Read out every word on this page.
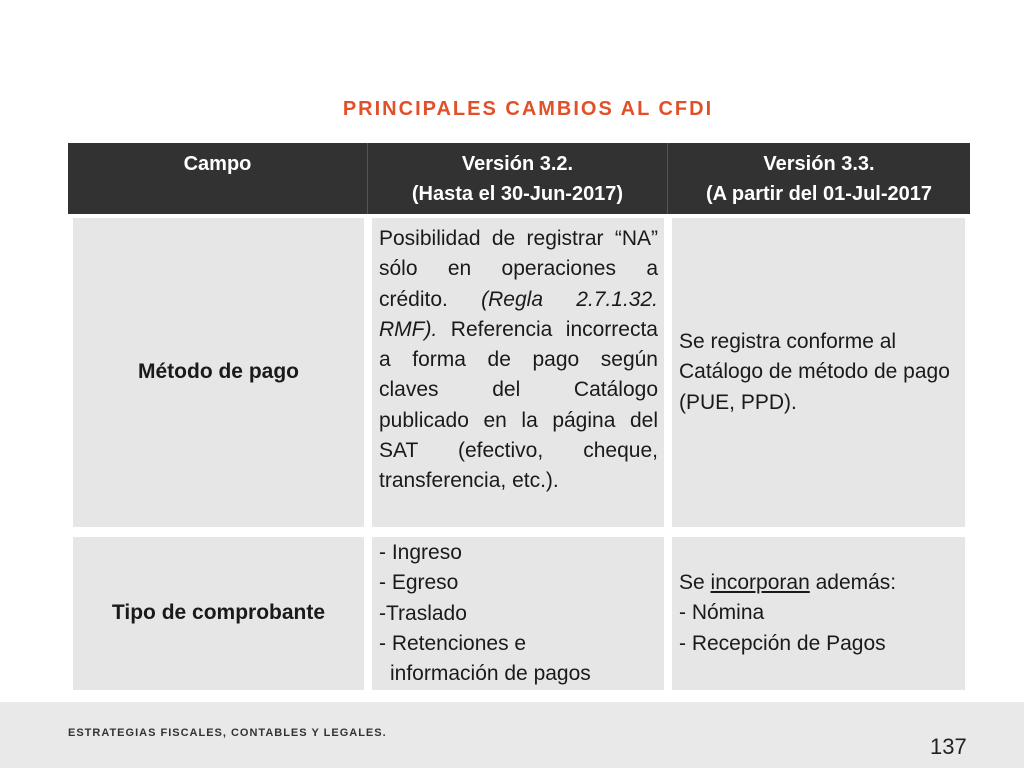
PRINCIPALES CAMBIOS AL CFDI
Campo	Versión 3.2.
(Hasta el 30-Jun-2017)
Versión 3.3.
(A partir del 01-Jul-2017
Método de pago
Posibilidad de registrar “NA” sólo en operaciones a crédito. (Regla 2.7.1.32. RMF). Referencia incorrecta a forma de pago según claves del Catálogo publicado en la página del SAT (efectivo, cheque, transferencia, etc.).
Se registra conforme al Catálogo de método de pago (PUE, PPD).
Tipo de comprobante
- Ingreso
- Egreso
-Traslado
- Retenciones e
información de pagos
Se incorporan además:
- Nómina
- Recepción de Pagos
ESTRATEGIAS FISCALES, CONTABLES Y LEGALES.
137
